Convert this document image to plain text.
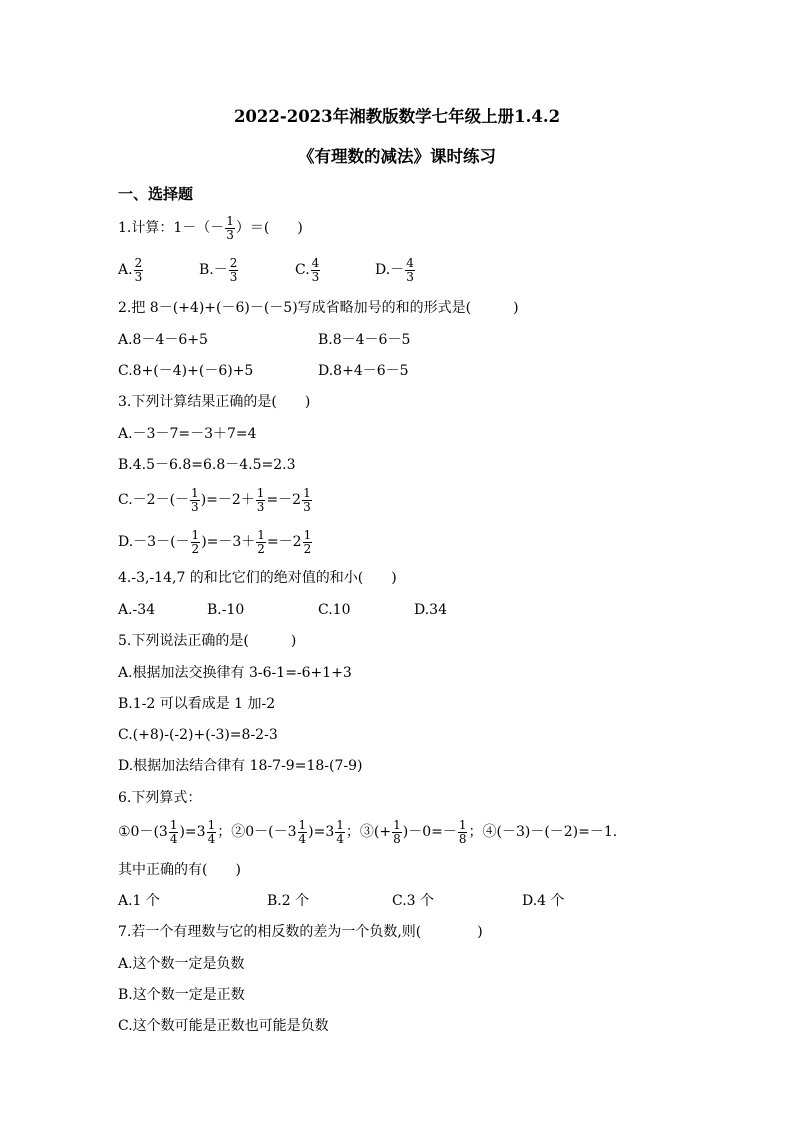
2022-2023年湘教版数学七年级上册1.4.2
《有理数的减法》课时练习
一、选择题
1.计算：$1-(- \frac{1}{3}$ ）＝(　　)
A. $\frac{2}{3}$	$B.- \frac{2}{3}$	C. $\frac{4}{3}$	$D.- \frac{4}{3}$
2.把 8－(+4)+(－6)－(－5)写成省略加号的和的形式是(　　　)
A.8－4－6+5	B.8－4－6－5
C.8+(－4)+(－6)+5	D.8+4－6－5
3.下列计算结果正确的是(　　)
A.－3－7=－3＋7=4
B.4.5－6.8=6.8－4.5=2.3
$C.-2-(- \frac{1}{3} )=-2+ \frac{1}{3} =-2 \frac{1}{3}$
$D.-3-(- \frac{1}{2} )=-3+ \frac{1}{2} =-2 \frac{1}{2}$
4.-3,-14,7 的和比它们的绝对值的和小(　　)
A.-34	B.-10	C.10	D.34
5.下列说法正确的是(　　　)
A.根据加法交换律有 3-6-1=-6+1+3
B.1-2 可以看成是 1 加-2
C.(+8)-(-2)+(-3)=8-2-3
D.根据加法结合律有 18-7-9=18-(7-9)
6.下列算式：
①0－(3 $\frac{1}{4} )=3 \frac{1}{4}$ ；②0－(－3 $\frac{1}{4} )=3 \frac{1}{4}$ ；③(+ $\frac{1}{8} )-0=- \frac{1}{8}$ ；④(－3)－(－2)=－1.
其中正确的有(　　)
A.1 个	B.2 个	C.3 个	D.4 个
7.若一个有理数与它的相反数的差为一个负数,则(　　　　)
A.这个数一定是负数
B.这个数一定是正数
C.这个数可能是正数也可能是负数
